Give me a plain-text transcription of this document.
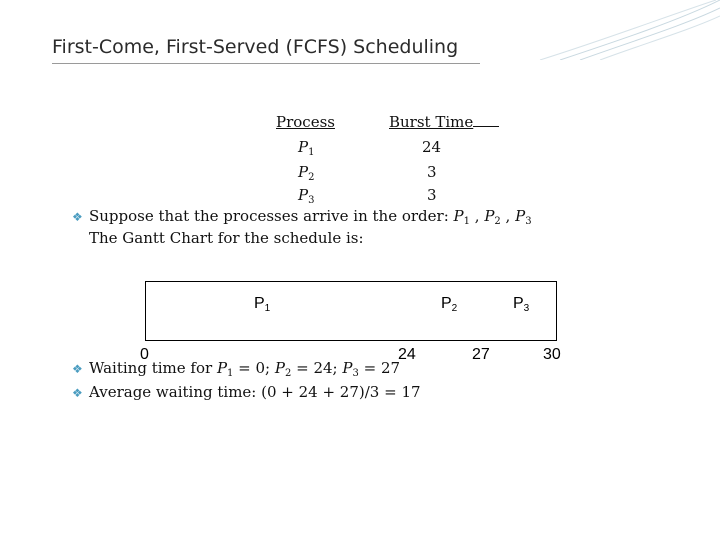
First-Come, First-Served (FCFS) Scheduling
Process	Burst Time
$P_1$	24
$P_2$	3
$P_3$	3
❖ Suppose that the processes arrive in the order: $P_1$ , $P_2$ , $P_3$
The Gantt Chart for the schedule is:
$P_1$	$P_2$	$P_3$
0	24	27	30
❖ Waiting time for $P_1 = 0$; $P_2 = 24$; $P_3 = 27$
❖ Average waiting time: (0 + 24 + 27)/3 = 17
